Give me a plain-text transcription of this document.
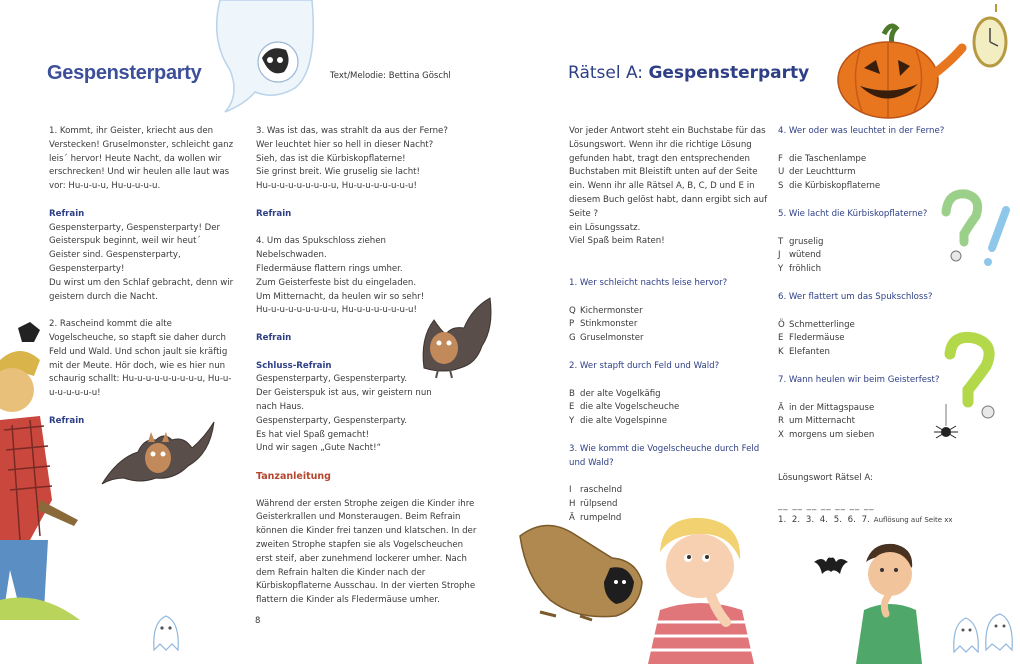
Gespensterparty	Text/Melodie: Bettina Göschl

1. Kommt, ihr Geister, kriecht aus den Verstecken! Gruselmonster, schleicht ganz leis´ hervor! Heute Nacht, da wollen wir erschrecken! Und wir heulen alle laut was vor: Hu-u-u-u, Hu-u-u-u-u.

Refrain
Gespensterparty, Gespensterparty! Der Geisterspuk beginnt, weil wir heut´ Geister sind. Gespensterparty, Gespensterparty!
Du wirst um den Schlaf gebracht, denn wir geistern durch die Nacht.

2. Rascheind kommt die alte Vogelscheuche, so stapft sie daher durch Feld und Wald. Und schon jault sie kräftig mit der Meute. Hör doch, wie es hier nun schaurig schallt: Hu-u-u-u-u-u-u-u-u, Hu-u-u-u-u-u-u-u!

Refrain

3. Was ist das, was strahlt da aus der Ferne?
Wer leuchtet hier so hell in dieser Nacht?
Sieh, das ist die Kürbiskopflaterne!
Sie grinst breit. Wie gruselig sie lacht!
Hu-u-u-u-u-u-u-u-u, Hu-u-u-u-u-u-u-u!

Refrain

4. Um das Spukschloss ziehen Nebelschwaden.
Fledermäuse flattern rings umher.
Zum Geisterfeste bist du eingeladen.
Um Mitternacht, da heulen wir so sehr!
Hu-u-u-u-u-u-u-u-u, Hu-u-u-u-u-u-u-u!

Refrain

Schluss-Refrain
Gespensterparty, Gespensterparty.
Der Geisterspuk ist aus, wir geistern nun
nach Haus.
Gespensterparty, Gespensterparty.
Es hat viel Spaß gemacht!
Und wir sagen „Gute Nacht!“

Tanzanleitung

Während der ersten Strophe zeigen die Kinder ihre Geisterkrallen und Monsteraugen. Beim Refrain können die Kinder frei tanzen und klatschen. In der zweiten Strophe stapfen sie als Vogelscheuchen erst steif, aber zunehmend lockerer umher. Nach dem Refrain halten die Kinder nach der Kürbiskopflaterne Ausschau. In der vierten Strophe flattern die Kinder als Fledermäuse umher.

8
Rätsel A: Gespensterparty
Vor jeder Antwort steht ein Buchstabe für das Lösungswort. Wenn ihr die richtige Lösung gefunden habt, tragt den entsprechenden Buchstaben mit Bleistift unten auf der Seite ein. Wenn ihr alle Rätsel A, B, C, D und E in diesem Buch gelöst habt, dann ergibt sich auf Seite ?
ein Lösungssatz.
Viel Spaß beim Raten!
1. Wer schleicht nachts leise hervor?
Q Kichermonster
P Stinkmonster
G Gruselmonster
2. Wer stapft durch Feld und Wald?
B der alte Vogelkäfig
E die alte Vogelscheuche
Y die alte Vogelspinne
3. Wie kommt die Vogelscheuche durch Feld und Wald?
I raschelnd
H rülpsend
Ä rumpelnd
4. Wer oder was leuchtet in der Ferne?
F die Taschenlampe
U der Leuchtturm
S die Kürbiskopflaterne
5. Wie lacht die Kürbiskopflaterne?
T gruselig
J wütend
Y fröhlich
6. Wer flattert um das Spukschloss?
Ö Schmetterlinge
E Fledermäuse
K Elefanten
7. Wann heulen wir beim Geisterfest?
Ä in der Mittagspause
R um Mitternacht
X morgens um sieben
Lösungswort Rätsel A:
__ __ __ __ __ __ __
1. 2. 3. 4. 5. 6. 7. Auflösung auf Seite xx
